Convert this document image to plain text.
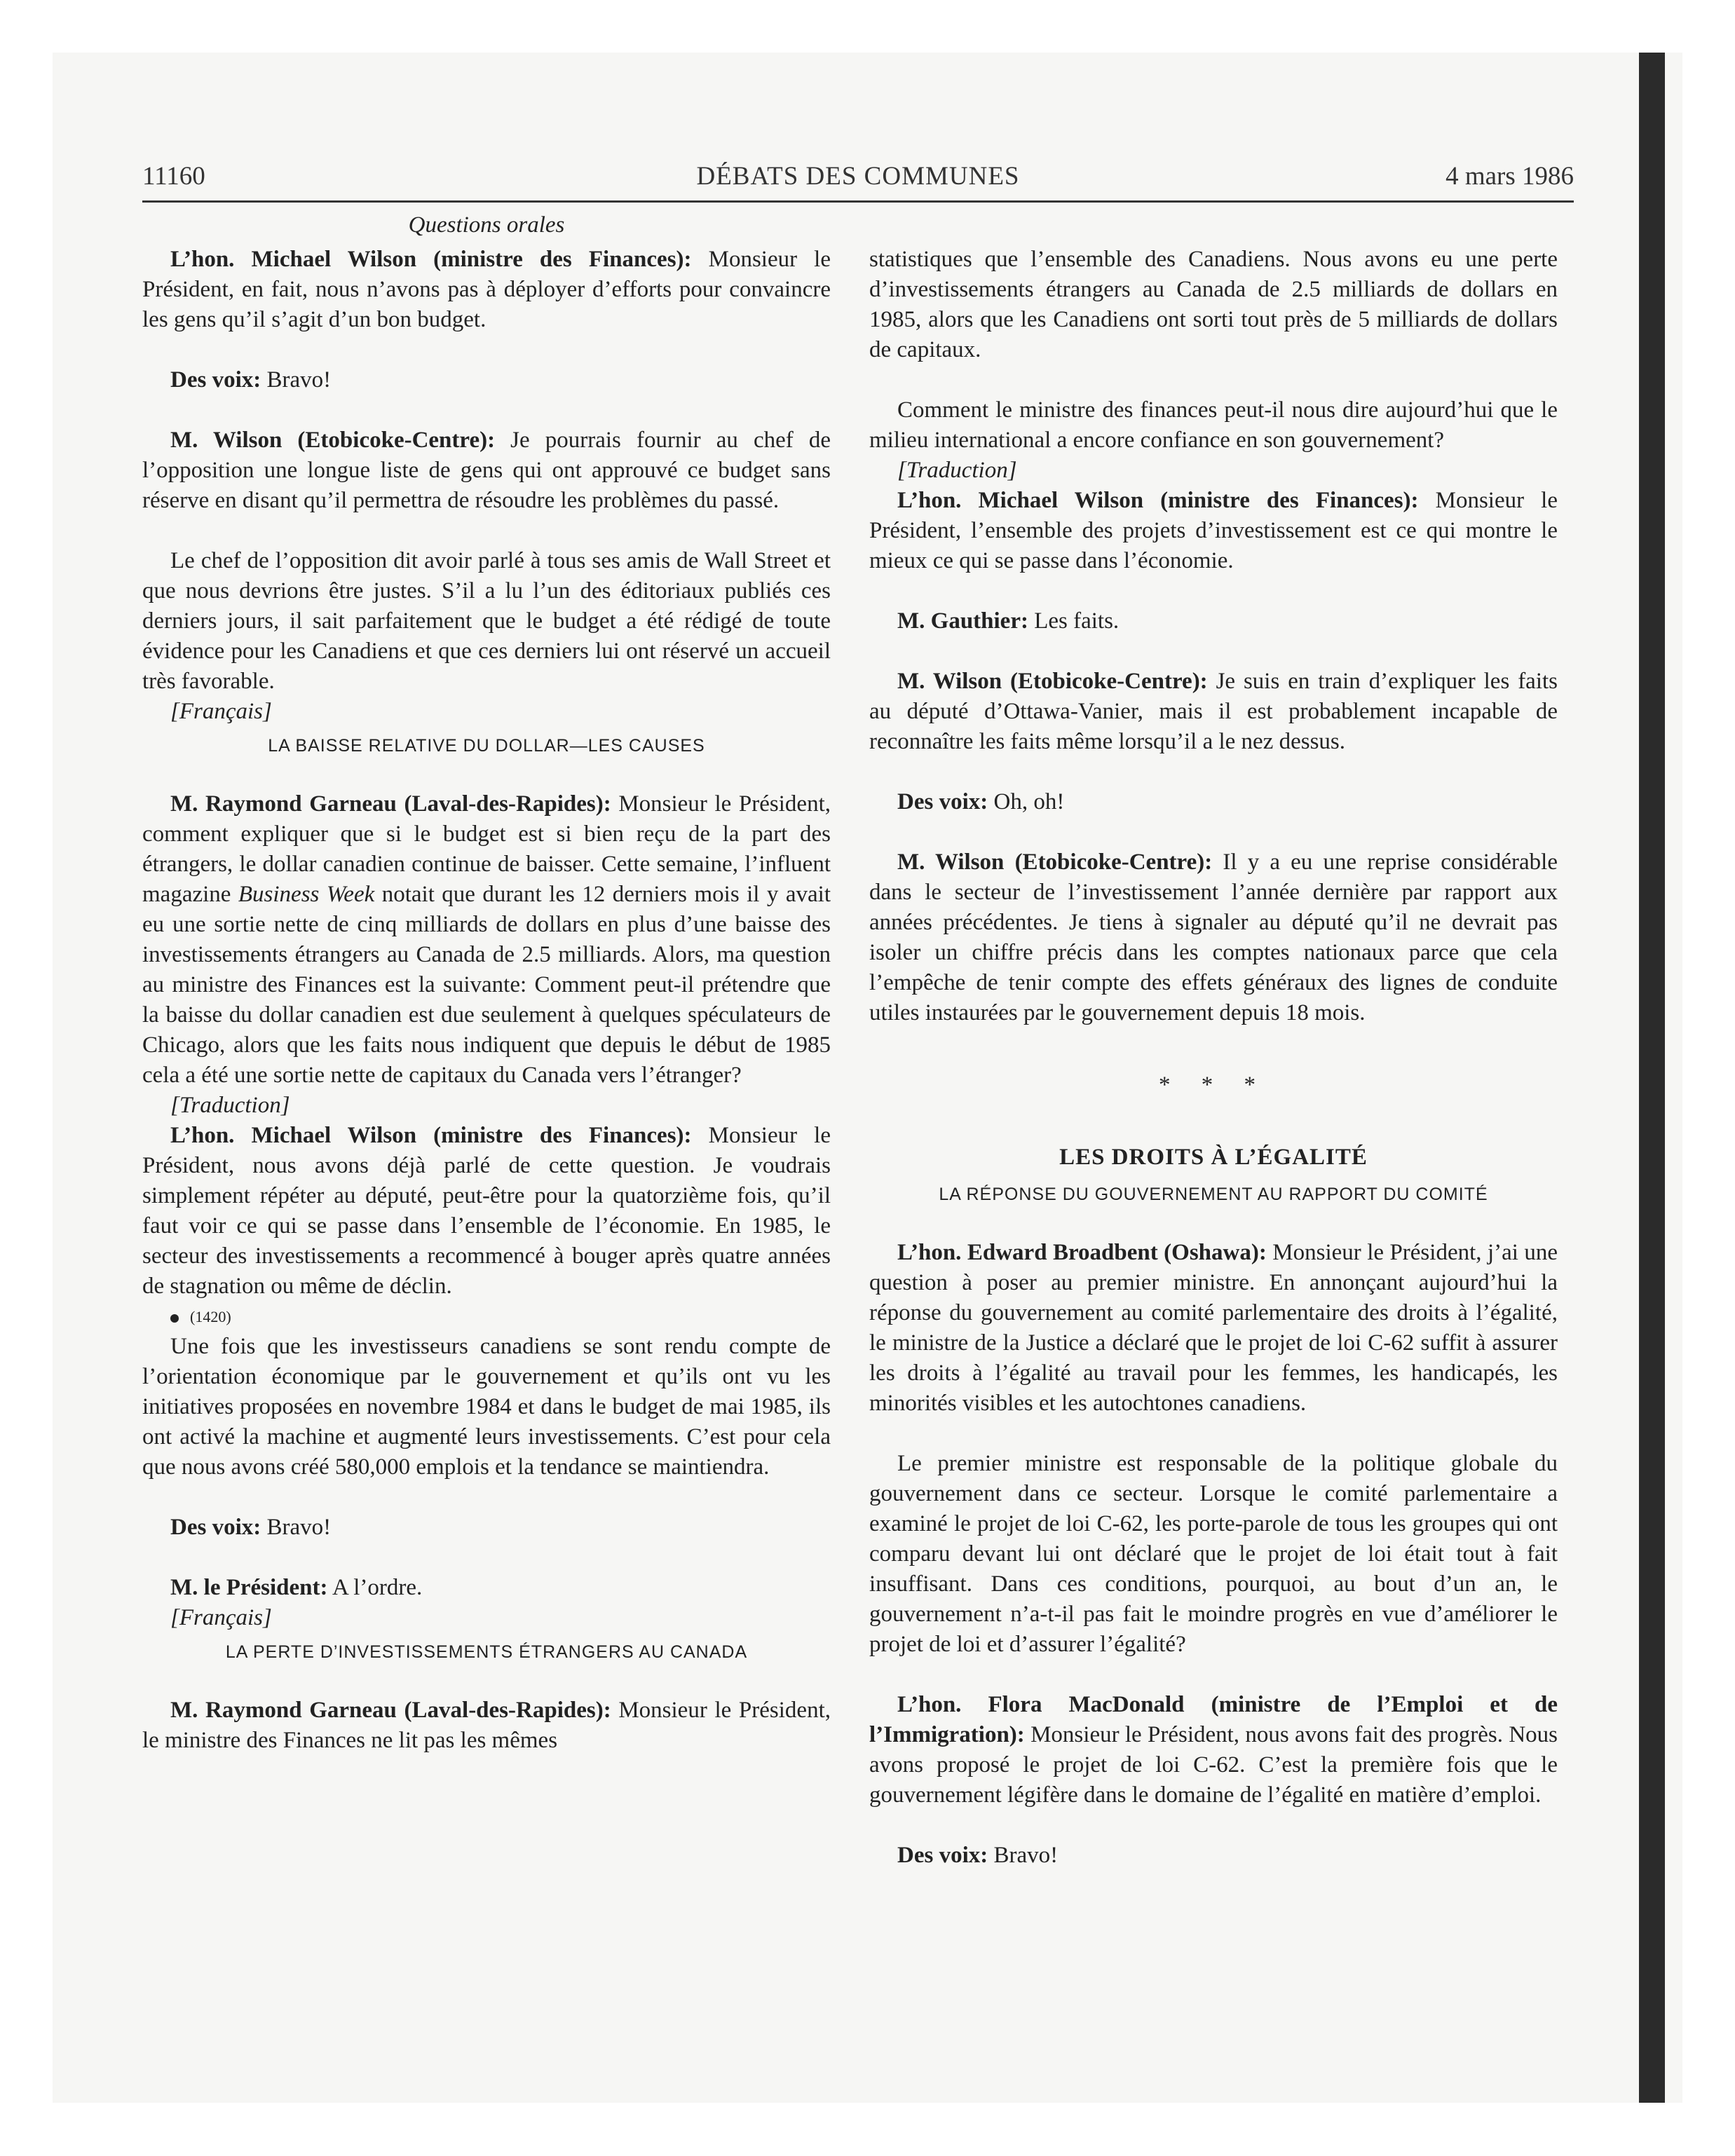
11160	DÉBATS DES COMMUNES	4 mars 1986
Questions orales

L’hon. Michael Wilson (ministre des Finances): Monsieur le Président, en fait, nous n’avons pas à déployer d’efforts pour convaincre les gens qu’il s’agit d’un bon budget.

Des voix: Bravo!

M. Wilson (Etobicoke-Centre): Je pourrais fournir au chef de l’opposition une longue liste de gens qui ont approuvé ce budget sans réserve en disant qu’il permettra de résoudre les problèmes du passé.

Le chef de l’opposition dit avoir parlé à tous ses amis de Wall Street et que nous devrions être justes. S’il a lu l’un des éditoriaux publiés ces derniers jours, il sait parfaitement que le budget a été rédigé de toute évidence pour les Canadiens et que ces derniers lui ont réservé un accueil très favorable.

[Français]

LA BAISSE RELATIVE DU DOLLAR—LES CAUSES

M. Raymond Garneau (Laval-des-Rapides): Monsieur le Président, comment expliquer que si le budget est si bien reçu de la part des étrangers, le dollar canadien continue de baisser. Cette semaine, l’influent magazine Business Week notait que durant les 12 derniers mois il y avait eu une sortie nette de cinq milliards de dollars en plus d’une baisse des investissements étrangers au Canada de 2.5 milliards. Alors, ma question au ministre des Finances est la suivante: Comment peut-il prétendre que la baisse du dollar canadien est due seulement à quelques spéculateurs de Chicago, alors que les faits nous indiquent que depuis le début de 1985 cela a été une sortie nette de capitaux du Canada vers l’étranger?

[Traduction]

L’hon. Michael Wilson (ministre des Finances): Monsieur le Président, nous avons déjà parlé de cette question. Je voudrais simplement répéter au député, peut-être pour la quatorzième fois, qu’il faut voir ce qui se passe dans l’ensemble de l’économie. En 1985, le secteur des investissements a recommencé à bouger après quatre années de stagnation ou même de déclin.

(1420)

Une fois que les investisseurs canadiens se sont rendu compte de l’orientation économique par le gouvernement et qu’ils ont vu les initiatives proposées en novembre 1984 et dans le budget de mai 1985, ils ont activé la machine et augmenté leurs investissements. C’est pour cela que nous avons créé 580,000 emplois et la tendance se maintiendra.

Des voix: Bravo!

M. le Président: A l’ordre.

[Français]

LA PERTE D’INVESTISSEMENTS ÉTRANGERS AU CANADA

M. Raymond Garneau (Laval-des-Rapides): Monsieur le Président, le ministre des Finances ne lit pas les mêmes

statistiques que l’ensemble des Canadiens. Nous avons eu une perte d’investissements étrangers au Canada de 2.5 milliards de dollars en 1985, alors que les Canadiens ont sorti tout près de 5 milliards de dollars de capitaux.

Comment le ministre des finances peut-il nous dire aujourd’hui que le milieu international a encore confiance en son gouvernement?

[Traduction]

L’hon. Michael Wilson (ministre des Finances): Monsieur le Président, l’ensemble des projets d’investissement est ce qui montre le mieux ce qui se passe dans l’économie.

M. Gauthier: Les faits.

M. Wilson (Etobicoke-Centre): Je suis en train d’expliquer les faits au député d’Ottawa-Vanier, mais il est probablement incapable de reconnaître les faits même lorsqu’il a le nez dessus.

Des voix: Oh, oh!

M. Wilson (Etobicoke-Centre): Il y a eu une reprise considérable dans le secteur de l’investissement l’année dernière par rapport aux années précédentes. Je tiens à signaler au député qu’il ne devrait pas isoler un chiffre précis dans les comptes nationaux parce que cela l’empêche de tenir compte des effets généraux des lignes de conduite utiles instaurées par le gouvernement depuis 18 mois.

* * *
LES DROITS À L’ÉGALITÉ
LA RÉPONSE DU GOUVERNEMENT AU RAPPORT DU COMITÉ

L’hon. Edward Broadbent (Oshawa): Monsieur le Président, j’ai une question à poser au premier ministre. En annonçant aujourd’hui la réponse du gouvernement au comité parlementaire des droits à l’égalité, le ministre de la Justice a déclaré que le projet de loi C-62 suffit à assurer les droits à l’égalité au travail pour les femmes, les handicapés, les minorités visibles et les autochtones canadiens.

Le premier ministre est responsable de la politique globale du gouvernement dans ce secteur. Lorsque le comité parlementaire a examiné le projet de loi C-62, les porte-parole de tous les groupes qui ont comparu devant lui ont déclaré que le projet de loi était tout à fait insuffisant. Dans ces conditions, pourquoi, au bout d’un an, le gouvernement n’a-t-il pas fait le moindre progrès en vue d’améliorer le projet de loi et d’assurer l’égalité?

L’hon. Flora MacDonald (ministre de l’Emploi et de l’Immigration): Monsieur le Président, nous avons fait des progrès. Nous avons proposé le projet de loi C-62. C’est la première fois que le gouvernement légifère dans le domaine de l’égalité en matière d’emploi.

Des voix: Bravo!
